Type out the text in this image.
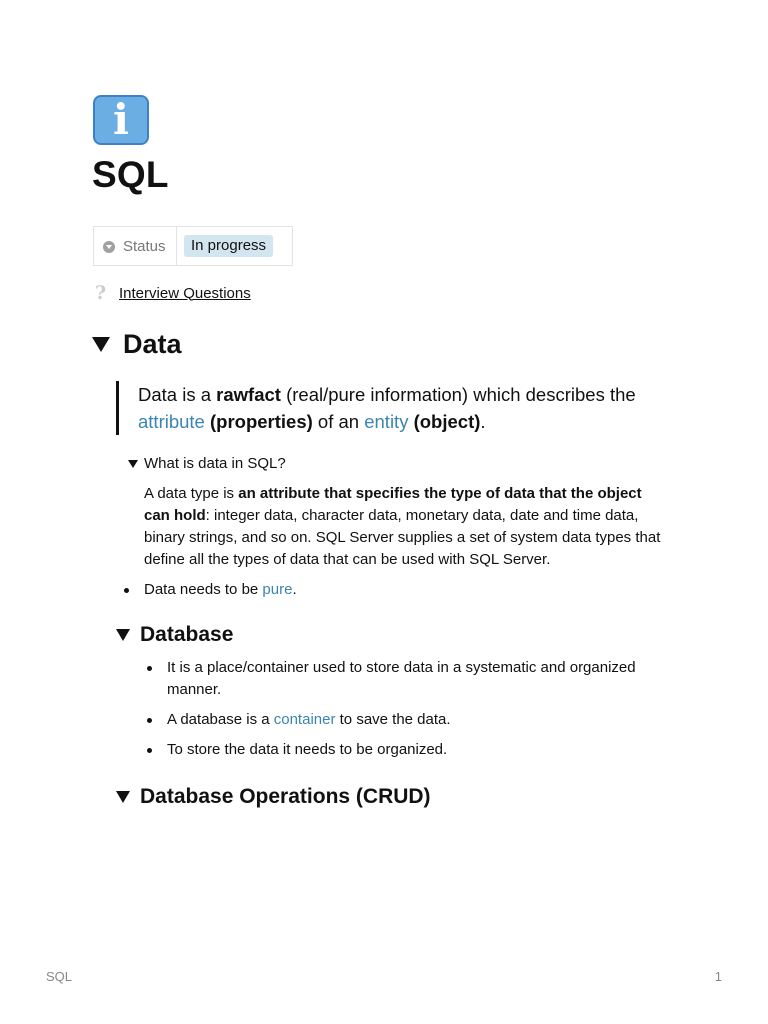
i
SQL
Status	In progress
? Interview Questions
Data
Data is a rawfact (real/pure information) which describes the attribute (properties) of an entity (object).
What is data in SQL?

A data type is an attribute that specifies the type of data that the object can hold: integer data, character data, monetary data, date and time data, binary strings, and so on. SQL Server supplies a set of system data types that define all the types of data that can be used with SQL Server.

Data needs to be pure.
Database
It is a place/container used to store data in a systematic and organized manner.
A database is a container to save the data.
To store the data it needs to be organized.
Database Operations (CRUD)
SQL	1
